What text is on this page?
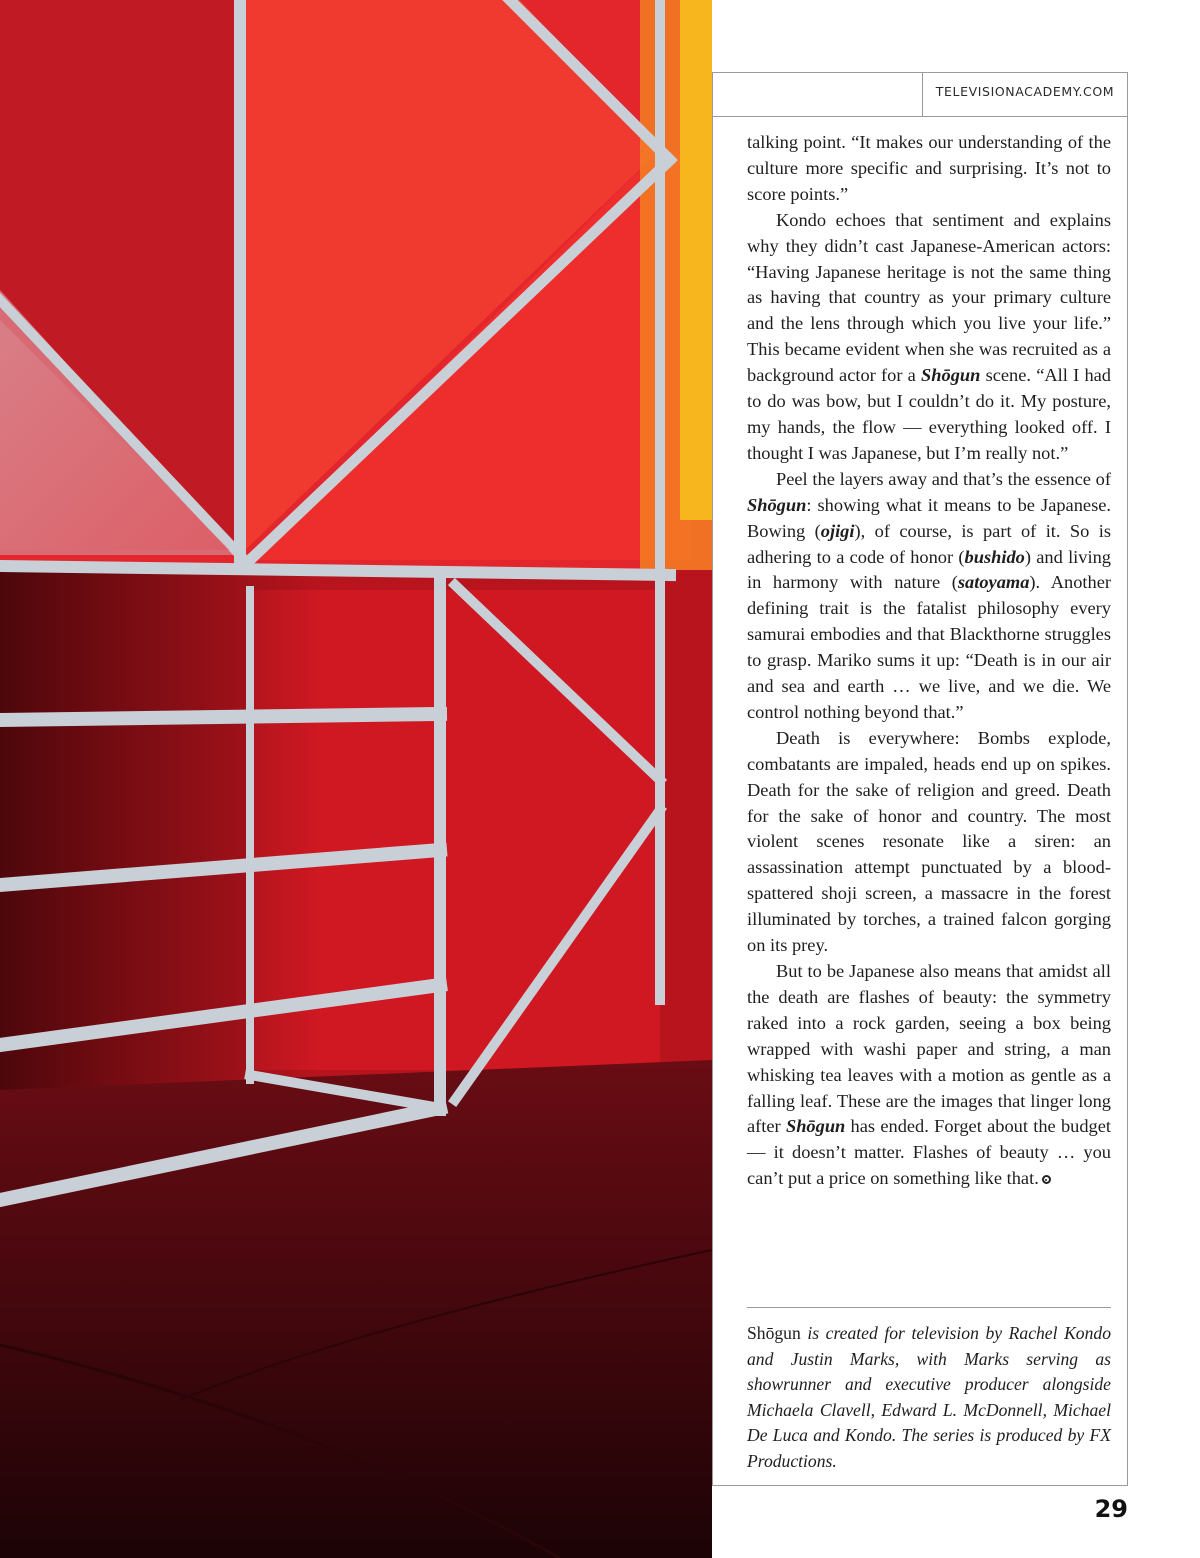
TELEVISIONACADEMY.COM

talking point. “It makes our understanding of the culture more specific and surprising. It’s not to score points.”

Kondo echoes that sentiment and explains why they didn’t cast Japanese-American actors: “Having Japanese heritage is not the same thing as having that country as your primary culture and the lens through which you live your life.” This became evident when she was recruited as a background actor for a Shōgun scene. “All I had to do was bow, but I couldn’t do it. My posture, my hands, the flow — everything looked off. I thought I was Japanese, but I’m really not.”

Peel the layers away and that’s the essence of Shōgun: showing what it means to be Japanese. Bowing (ojigi), of course, is part of it. So is adhering to a code of honor (bushido) and living in harmony with nature (satoyama). Another defining trait is the fatalist philosophy every samurai embodies and that Blackthorne struggles to grasp. Mariko sums it up: “Death is in our air and sea and earth … we live, and we die. We control nothing beyond that.”

Death is everywhere: Bombs explode, combatants are impaled, heads end up on spikes. Death for the sake of religion and greed. Death for the sake of honor and country. The most violent scenes resonate like a siren: an assassination attempt punctuated by a blood-spattered shoji screen, a massacre in the forest illuminated by torches, a trained falcon gorging on its prey.

But to be Japanese also means that amidst all the death are flashes of beauty: the symmetry raked into a rock garden, seeing a box being wrapped with washi paper and string, a man whisking tea leaves with a motion as gentle as a falling leaf. These are the images that linger long after Shōgun has ended. Forget about the budget — it doesn’t matter. Flashes of beauty … you can’t put a price on something like that.

Shōgun is created for television by Rachel Kondo and Justin Marks, with Marks serving as showrunner and executive producer alongside Michaela Clavell, Edward L. McDonnell, Michael De Luca and Kondo. The series is produced by FX Productions.
29
